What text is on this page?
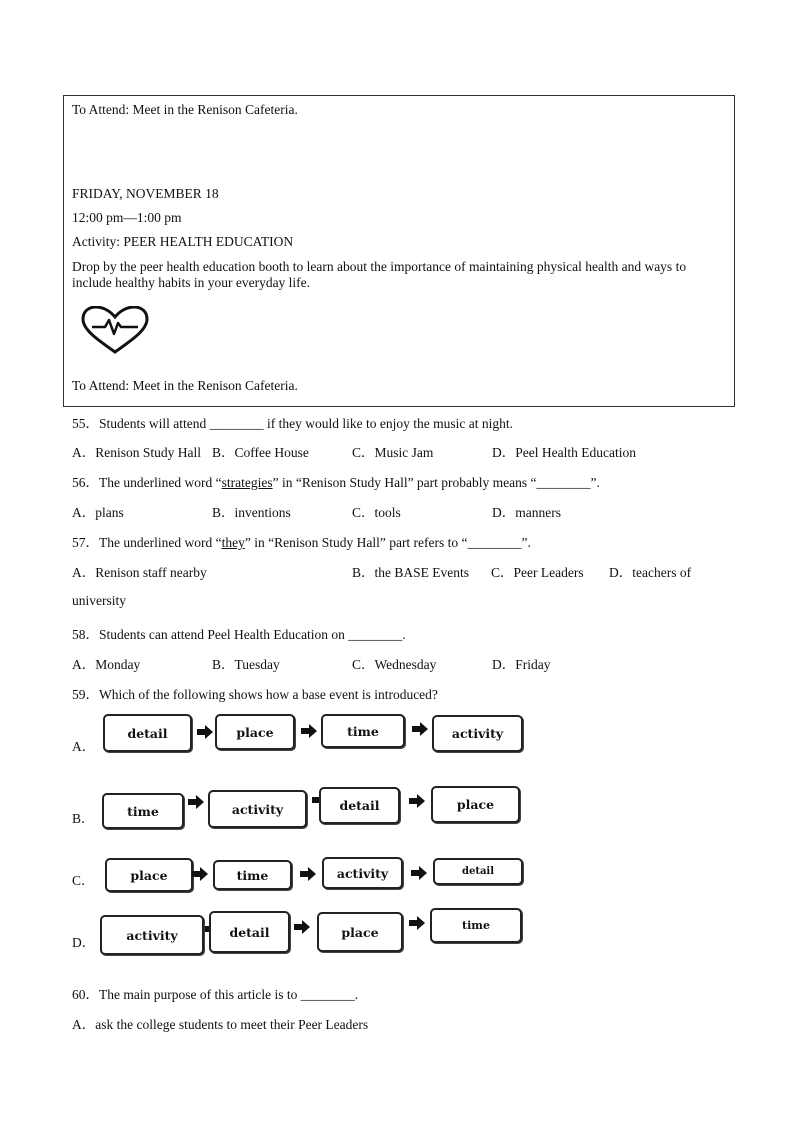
To Attend: Meet in the Renison Cafeteria.
FRIDAY, NOVEMBER 18
12:00 pm—1:00 pm
Activity: PEER HEALTH EDUCATION
Drop by the peer health education booth to learn about the importance of maintaining physical health and ways to
include healthy habits in your everyday life.
To Attend: Meet in the Renison Cafeteria.
55．Students will attend ________ if they would like to enjoy the music at night.
A．Renison Study Hall B．Coffee House	C．Music Jam	D．Peel Health Education
56．The underlined word “strategies” in “Renison Study Hall” part probably means “________”.
A．plans	B．inventions	C．tools	D．manners
57．The underlined word “they” in “Renison Study Hall” part refers to “________”.
A．Renison staff nearby	B．the BASE Events C．Peer Leaders D．teachers of
university
58．Students can attend Peel Health Education on ________.
A．Monday	B．Tuesday	C．Wednesday	D．Friday
59．Which of the following shows how a base event is introduced?
A．
detail	place	time	activity
B．	time	activity	detail	place
C．	place	time	activity	detail
D．	activity	detail	place	time
60．The main purpose of this article is to ________.
A．ask the college students to meet their Peer Leaders
